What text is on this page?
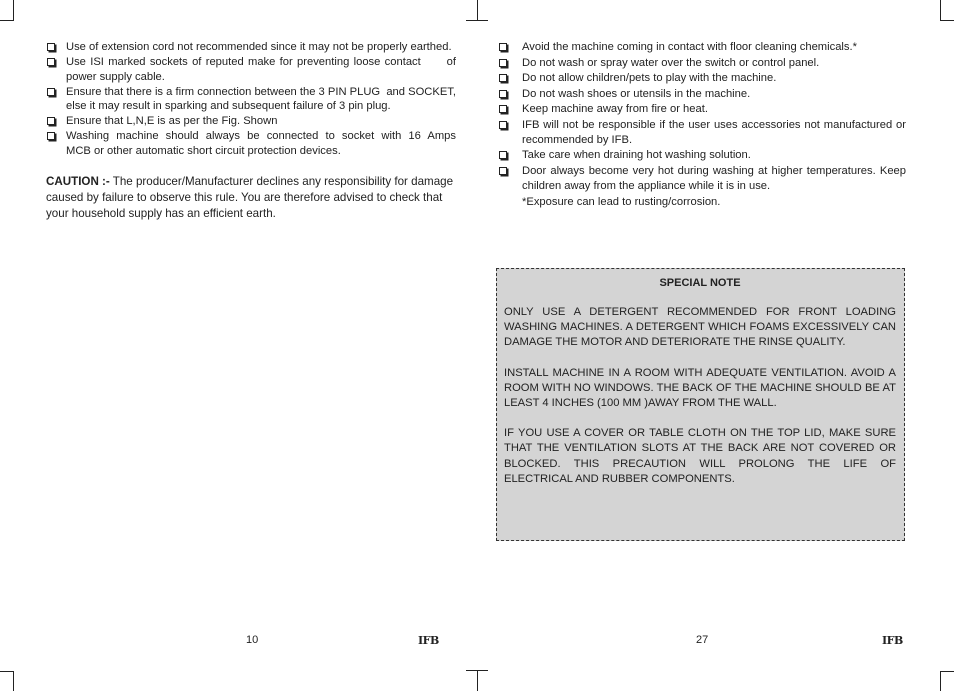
Use of extension cord not recommended since it may not be properly earthed.
Use ISI marked sockets of reputed make for preventing loose contact      of power supply cable.
Ensure that there is a firm connection between the 3 PIN PLUG  and SOCKET, else it may result in sparking and subsequent failure of 3 pin plug.
Ensure that L,N,E is as per the Fig. Shown
Washing machine should always be connected to socket with 16 Amps         MCB or other automatic short circuit protection devices.
CAUTION :- The producer/Manufacturer declines any responsibility for damage caused by failure to observe this rule. You are therefore advised to check that your household supply has an efficient earth.
Avoid the machine coming in contact with floor cleaning chemicals.*
Do not wash or spray water over the switch or control panel.
Do not allow children/pets to play with the machine.
Do not wash shoes or utensils in the machine.
Keep machine away from fire or heat.
IFB will not be responsible if the user uses accessories not manufactured or recommended by IFB.
Take care when draining hot washing solution.
Door always become very hot during washing at higher temperatures. Keep children away from the appliance while it is in use.
*Exposure can lead to rusting/corrosion.
SPECIAL NOTE

ONLY USE A DETERGENT RECOMMENDED FOR FRONT LOADING WASHING MACHINES. A DETERGENT WHICH FOAMS EXCESSIVELY CAN DAMAGE THE MOTOR AND DETERIORATE THE RINSE QUALITY.

INSTALL MACHINE IN A ROOM WITH ADEQUATE VENTILATION. AVOID A ROOM WITH NO WINDOWS. THE BACK OF THE MACHINE SHOULD BE AT LEAST 4 INCHES (100 MM )AWAY FROM THE WALL.

IF YOU USE A COVER OR TABLE CLOTH ON THE TOP LID, MAKE SURE THAT THE VENTILATION SLOTS AT THE BACK ARE NOT COVERED OR BLOCKED. THIS PRECAUTION WILL PROLONG THE LIFE OF ELECTRICAL AND RUBBER COMPONENTS.

10	IFB	27	IFB
